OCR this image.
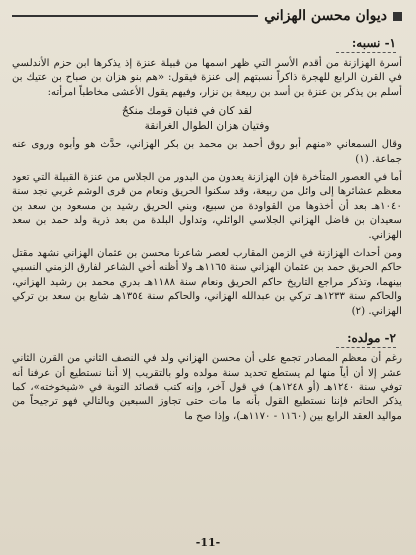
ديوان محسن الهزاني
١- نسبه:

أسرة الهزازنة من أقدم الأسر التي ظهر اسمها من قبيلة عنزة إذ يذكرها ابن حزم الأندلسي في القرن الرابع للهجرة ذاكراً نسبتهم إلى عنزة فيقول: «هم بنو هزان بن صباح بن عتيك بن أسلم بن يذكر بن عنزة بن أسد بن ربيعة بن نزار، وفيهم يقول الأعشى مخاطباً امرأته:

لقد كان في فتيان قومك منكحٌ
وفتيان هزان الطوال الغرانقة

وقال السمعاني «منهم أبو روق أحمد بن محمد بن بكر الهزاني، حدَّث هو وأبوه وروى عنه جماعة. (١)

أما في العصور المتأخرة فإن الهزازنة يعدون من البدور من الجلاس من عنزة القبيلة التي تعود معظم عشائرها إلى وائل من ربيعة، وقد سكنوا الحريق ونعام من قرى الوشم غربي نجد سنة ١٠٤٠هـ بعد أن أخذوها من القواودة من سبيع، وبني الحريق رشيد بن مسعود بن سعد بن سعيدان بن فاضل الهزاني الجلاسي الوائلي، وتداول البلدة من بعد ذرية ولد حمد بن سعد الهزاني.

ومن أحداث الهزازنة في الزمن المقارب لعصر شاعرنا محسن بن عثمان الهزاني نشهد مقتل حاكم الحريق حمد بن عثمان الهزاني سنة ١١٦٥هـ ولا أظنه أخي الشاعر لفارق الزمني النسبي بينهما، وتذكر مراجع التاريخ حاكم الحريق ونعام سنة ١١٨٨هـ بدري محمد بن رشيد الهزاني، والحاكم سنة ١٢٣٣هـ تركي بن عبدالله الهزاني، والحاكم سنة ١٣٥٤هـ شايع بن سعد بن تركي الهزاني. (٢)

٢- مولده:

رغم أن معظم المصادر تجمع على أن محسن الهزاني ولد في النصف الثاني من القرن الثاني عشر إلا أن أياً منها لم يستطع تحديد سنة مولده ولو بالتقريب إلا أننا نستطيع أن عرفنا أنه توفي سنة ١٢٤٠هـ (أو ١٢٤٨هـ) في قول آخر، وإنه كتب قصائد التوبة في «شيخوخته»، كما يذكر الحاتم فإننا نستطيع القول بأنه ما مات حتى تجاوز السبعين وبالتالي فهو ترجيحاً من مواليد العقد الرابع بين (١١٦٠ - ١١٧٠هـ)، وإذا صح ما

-11-
